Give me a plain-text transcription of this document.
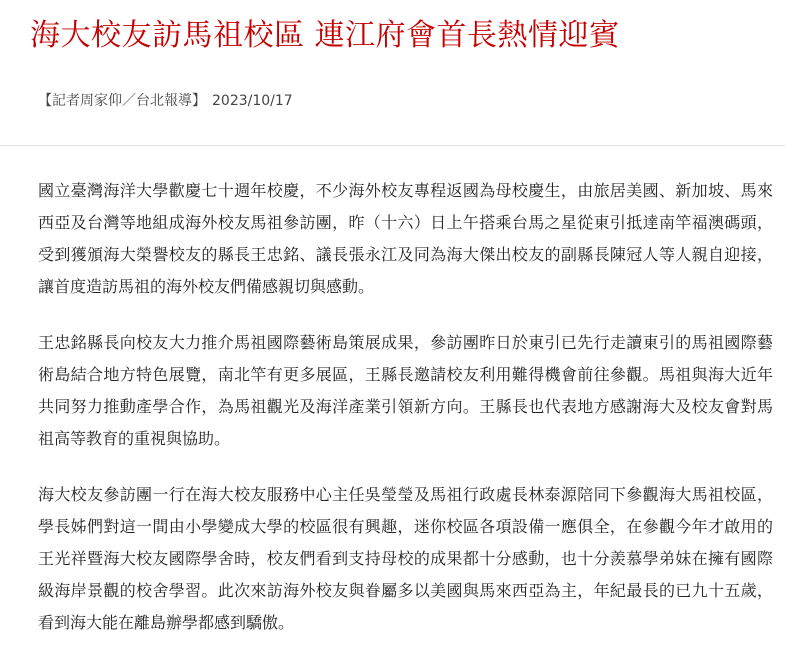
海大校友訪馬祖校區 連江府會首長熱情迎賓
【記者周家仰／台北報導】 2023/10/17

國立臺灣海洋大學歡慶七十週年校慶，不少海外校友專程返國為母校慶生，由旅居美國、新加坡、馬來西亞及台灣等地組成海外校友馬祖參訪團，昨（十六）日上午搭乘台馬之星從東引抵達南竿福澳碼頭，受到獲頒海大榮譽校友的縣長王忠銘、議長張永江及同為海大傑出校友的副縣長陳冠人等人親自迎接，讓首度造訪馬祖的海外校友們備感親切與感動。

王忠銘縣長向校友大力推介馬祖國際藝術島策展成果，參訪團昨日於東引已先行走讀東引的馬祖國際藝術島結合地方特色展覽，南北竿有更多展區，王縣長邀請校友利用難得機會前往參觀。馬祖與海大近年共同努力推動產學合作，為馬祖觀光及海洋產業引領新方向。王縣長也代表地方感謝海大及校友會對馬祖高等教育的重視與協助。

海大校友參訪團一行在海大校友服務中心主任吳瑩瑩及馬祖行政處長林泰源陪同下參觀海大馬祖校區，學長姊們對這一間由小學變成大學的校區很有興趣，迷你校區各項設備一應俱全，在參觀今年才啟用的王光祥暨海大校友國際學舍時，校友們看到支持母校的成果都十分感動，也十分羨慕學弟妹在擁有國際級海岸景觀的校舍學習。此次來訪海外校友與眷屬多以美國與馬來西亞為主，年紀最長的已九十五歲，看到海大能在離島辦學都感到驕傲。
